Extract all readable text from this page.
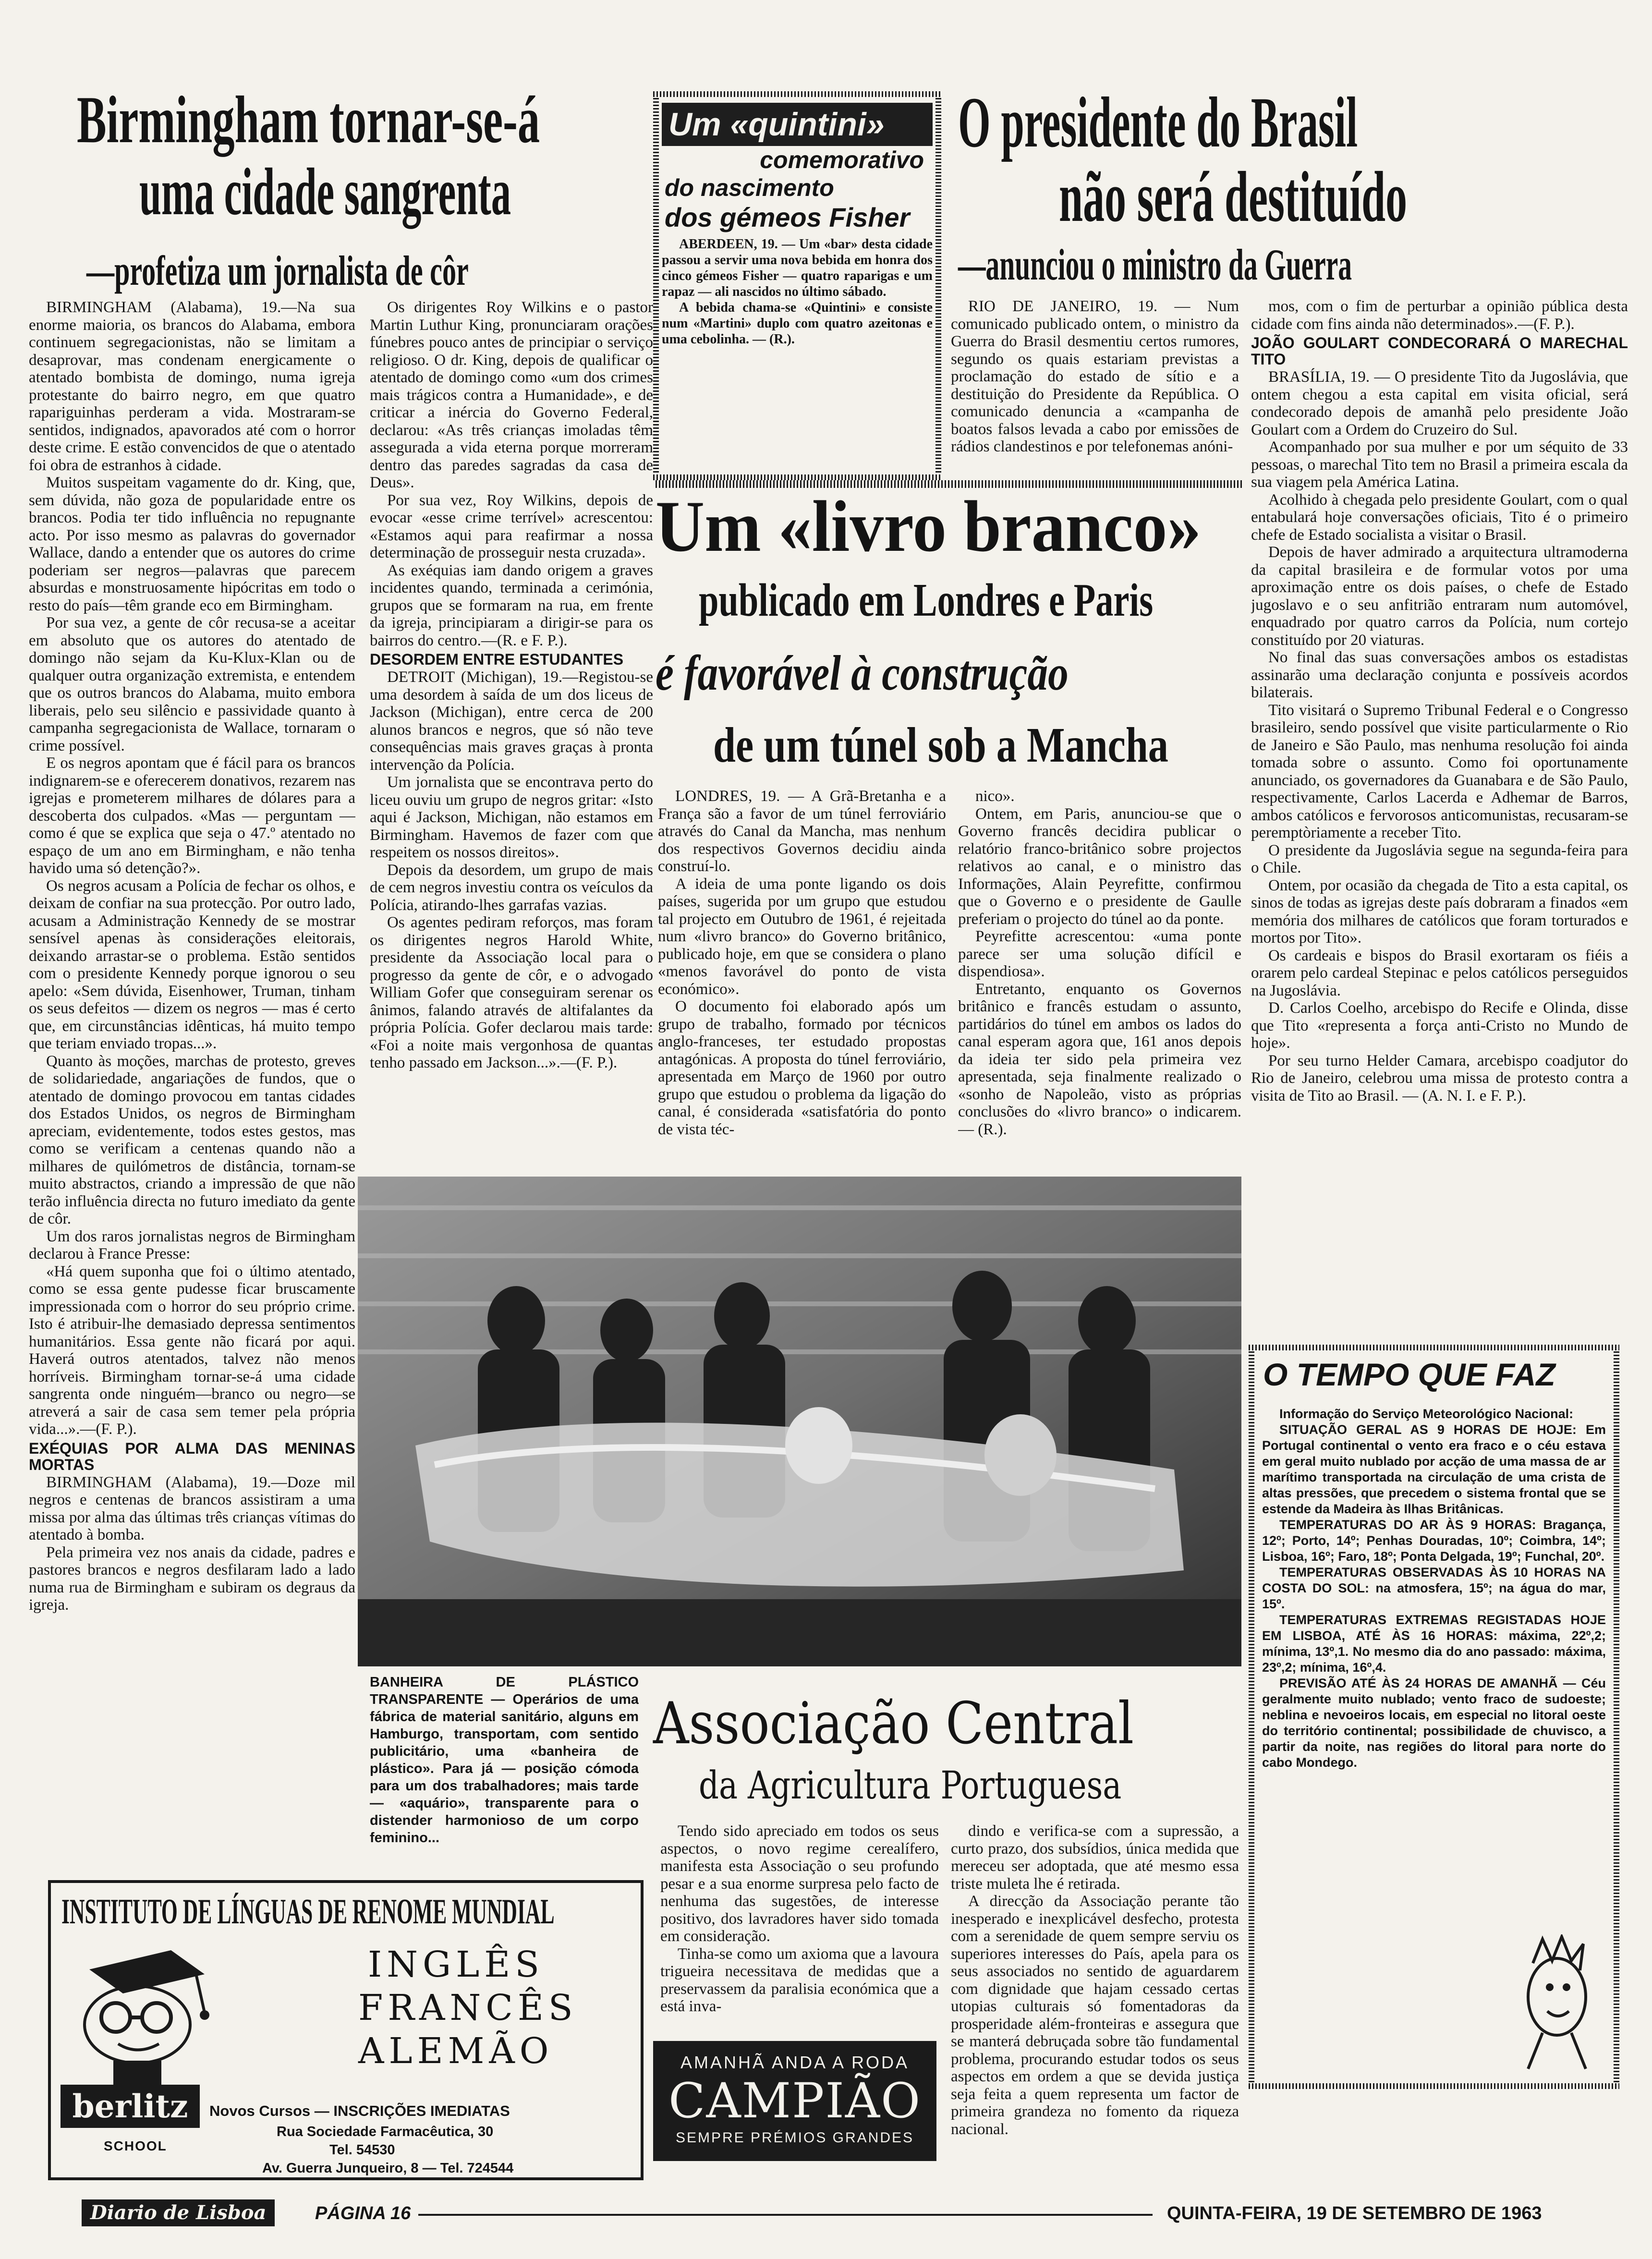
Birmingham tornar-se-á
uma cidade sangrenta
—profetiza um jornalista de côr

BIRMINGHAM (Alabama), 19.—Na sua enorme maioria, os brancos do Alabama, embora continuem segregacionistas, não se limitam a desaprovar, mas condenam energicamente o atentado bombista de domingo, numa igreja protestante do bairro negro, em que quatro rapariguinhas perderam a vida. Mostraram-se sentidos, indignados, apavorados até com o horror deste crime. E estão convencidos de que o atentado foi obra de estranhos à cidade.

Muitos suspeitam vagamente do dr. King, que, sem dúvida, não goza de popularidade entre os brancos. Podia ter tido influência no repugnante acto. Por isso mesmo as palavras do governador Wallace, dando a entender que os autores do crime poderiam ser negros—palavras que parecem absurdas e monstruosamente hipócritas em todo o resto do país—têm grande eco em Birmingham.

Por sua vez, a gente de côr recusa-se a aceitar em absoluto que os autores do atentado de domingo não sejam da Ku-Klux-Klan ou de qualquer outra organização extremista, e entendem que os outros brancos do Alabama, muito embora liberais, pelo seu silêncio e passividade quanto à campanha segregacionista de Wallace, tornaram o crime possível.

E os negros apontam que é fácil para os brancos indignarem-se e oferecerem donativos, rezarem nas igrejas e prometerem milhares de dólares para a descoberta dos culpados. «Mas — perguntam — como é que se explica que seja o 47.º atentado no espaço de um ano em Birmingham, e não tenha havido uma só detenção?».

Os negros acusam a Polícia de fechar os olhos, e deixam de confiar na sua protecção. Por outro lado, acusam a Administração Kennedy de se mostrar sensível apenas às considerações eleitorais, deixando arrastar-se o problema. Estão sentidos com o presidente Kennedy porque ignorou o seu apelo: «Sem dúvida, Eisenhower, Truman, tinham os seus defeitos — dizem os negros — mas é certo que, em circunstâncias idênticas, há muito tempo que teriam enviado tropas...».

Quanto às moções, marchas de protesto, greves de solidariedade, angariações de fundos, que o atentado de domingo provocou em tantas cidades dos Estados Unidos, os negros de Birmingham apreciam, evidentemente, todos estes gestos, mas como se verificam a centenas quando não a milhares de quilómetros de distância, tornam-se muito abstractos, criando a impressão de que não terão influência directa no futuro imediato da gente de côr.

Um dos raros jornalistas negros de Birmingham declarou à France Presse:

«Há quem suponha que foi o último atentado, como se essa gente pudesse ficar bruscamente impressionada com o horror do seu próprio crime. Isto é atribuir-lhe demasiado depressa sentimentos humanitários. Essa gente não ficará por aqui. Haverá outros atentados, talvez não menos horríveis. Birmingham tornar-se-á uma cidade sangrenta onde ninguém—branco ou negro—se atreverá a sair de casa sem temer pela própria vida...».—(F. P.).

EXÉQUIAS POR ALMA DAS MENINAS MORTAS

BIRMINGHAM (Alabama), 19.—Doze mil negros e centenas de brancos assistiram a uma missa por alma das últimas três crianças vítimas do atentado à bomba.

Pela primeira vez nos anais da cidade, padres e pastores brancos e negros desfilaram lado a lado numa rua de Birmingham e subiram os degraus da igreja.

Os dirigentes Roy Wilkins e o pastor Martin Luthur King, pronunciaram orações fúnebres pouco antes de principiar o serviço religioso. O dr. King, depois de qualificar o atentado de domingo como «um dos crimes mais trágicos contra a Humanidade», e de criticar a inércia do Governo Federal, declarou: «As três crianças imoladas têm assegurada a vida eterna porque morreram dentro das paredes sagradas da casa de Deus».

Por sua vez, Roy Wilkins, depois de evocar «esse crime terrível» acrescentou: «Estamos aqui para reafirmar a nossa determinação de prosseguir nesta cruzada».

As exéquias iam dando origem a graves incidentes quando, terminada a cerimónia, grupos que se formaram na rua, em frente da igreja, principiaram a dirigir-se para os bairros do centro.—(R. e F. P.).

DESORDEM ENTRE ESTUDANTES

DETROIT (Michigan), 19.—Registou-se uma desordem à saída de um dos liceus de Jackson (Michigan), entre cerca de 200 alunos brancos e negros, que só não teve consequências mais graves graças à pronta intervenção da Polícia.

Um jornalista que se encontrava perto do liceu ouviu um grupo de negros gritar: «Isto aqui é Jackson, Michigan, não estamos em Birmingham. Havemos de fazer com que respeitem os nossos direitos».

Depois da desordem, um grupo de mais de cem negros investiu contra os veículos da Polícia, atirando-lhes garrafas vazias.

Os agentes pediram reforços, mas foram os dirigentes negros Harold White, presidente da Associação local para o progresso da gente de côr, e o advogado William Gofer que conseguiram serenar os ânimos, falando através de altifalantes da própria Polícia. Gofer declarou mais tarde: «Foi a noite mais vergonhosa de quantas tenho passado em Jackson...».—(F. P.).

Um «quintini»
comemorativo
do nascimento
dos gémeos Fisher

ABERDEEN, 19. — Um «bar» desta cidade passou a servir uma nova bebida em honra dos cinco gémeos Fisher — quatro raparigas e um rapaz — ali nascidos no último sábado.

A bebida chama-se «Quintini» e consiste num «Martini» duplo com quatro azeitonas e uma cebolinha. — (R.).

O presidente do Brasil
não será destituído
—anunciou o ministro da Guerra

RIO DE JANEIRO, 19. — Num comunicado publicado ontem, o ministro da Guerra do Brasil desmentiu certos rumores, segundo os quais estariam previstas a proclamação do estado de sítio e a destituição do Presidente da República. O comunicado denuncia a «campanha de boatos falsos levada a cabo por emissões de rádios clandestinos e por telefonemas anóni-

mos, com o fim de perturbar a opinião pública desta cidade com fins ainda não determinados».—(F. P.).

JOÃO GOULART CONDECORARÁ O MARECHAL TITO

BRASÍLIA, 19. — O presidente Tito da Jugoslávia, que ontem chegou a esta capital em visita oficial, será condecorado depois de amanhã pelo presidente João Goulart com a Ordem do Cruzeiro do Sul.

Acompanhado por sua mulher e por um séquito de 33 pessoas, o marechal Tito tem no Brasil a primeira escala da sua viagem pela América Latina.

Acolhido à chegada pelo presidente Goulart, com o qual entabulará hoje conversações oficiais, Tito é o primeiro chefe de Estado socialista a visitar o Brasil.

Depois de haver admirado a arquitectura ultramoderna da capital brasileira e de formular votos por uma aproximação entre os dois países, o chefe de Estado jugoslavo e o seu anfitrião entraram num automóvel, enquadrado por quatro carros da Polícia, num cortejo constituído por 20 viaturas.

No final das suas conversações ambos os estadistas assinarão uma declaração conjunta e possíveis acordos bilaterais.

Tito visitará o Supremo Tribunal Federal e o Congresso brasileiro, sendo possível que visite particularmente o Rio de Janeiro e São Paulo, mas nenhuma resolução foi ainda tomada sobre o assunto. Como foi oportunamente anunciado, os governadores da Guanabara e de São Paulo, respectivamente, Carlos Lacerda e Adhemar de Barros, ambos católicos e fervorosos anticomunistas, recusaram-se peremptòriamente a receber Tito.

O presidente da Jugoslávia segue na segunda-feira para o Chile.

Ontem, por ocasião da chegada de Tito a esta capital, os sinos de todas as igrejas deste país dobraram a finados «em memória dos milhares de católicos que foram torturados e mortos por Tito».

Os cardeais e bispos do Brasil exortaram os fiéis a orarem pelo cardeal Stepinac e pelos católicos perseguidos na Jugoslávia.

D. Carlos Coelho, arcebispo do Recife e Olinda, disse que Tito «representa a força anti-Cristo no Mundo de hoje».

Por seu turno Helder Camara, arcebispo coadjutor do Rio de Janeiro, celebrou uma missa de protesto contra a visita de Tito ao Brasil. — (A. N. I. e F. P.).

Um «livro branco»
publicado em Londres e Paris
é favorável à construção
de um túnel sob a Mancha

LONDRES, 19. — A Grã-Bretanha e a França são a favor de um túnel ferroviário através do Canal da Mancha, mas nenhum dos respectivos Governos decidiu ainda construí-lo.

A ideia de uma ponte ligando os dois países, sugerida por um grupo que estudou tal projecto em Outubro de 1961, é rejeitada num «livro branco» do Governo britânico, publicado hoje, em que se considera o plano «menos favorável do ponto de vista económico».

O documento foi elaborado após um grupo de trabalho, formado por técnicos anglo-franceses, ter estudado propostas antagónicas. A proposta do túnel ferroviário, apresentada em Março de 1960 por outro grupo que estudou o problema da ligação do canal, é considerada «satisfatória do ponto de vista téc-

nico».

Ontem, em Paris, anunciou-se que o Governo francês decidira publicar o relatório franco-britânico sobre projectos relativos ao canal, e o ministro das Informações, Alain Peyrefitte, confirmou que o Governo e o presidente de Gaulle preferiam o projecto do túnel ao da ponte.

Peyrefitte acrescentou: «uma ponte parece ser uma solução difícil e dispendiosa».

Entretanto, enquanto os Governos britânico e francês estudam o assunto, partidários do túnel em ambos os lados do canal esperam agora que, 161 anos depois da ideia ter sido pela primeira vez apresentada, seja finalmente realizado o «sonho de Napoleão, visto as próprias conclusões do «livro branco» o indicarem. — (R.).

BANHEIRA DE PLÁSTICO TRANSPARENTE — Operários de uma fábrica de material sanitário, alguns em Hamburgo, transportam, com sentido publicitário, uma «banheira de plástico». Para já — posição cómoda para um dos trabalhadores; mais tarde — «aquário», transparente para o distender harmonioso de um corpo feminino...

O TEMPO QUE FAZ

Informação do Serviço Meteorológico Nacional:

SITUAÇÃO GERAL AS 9 HORAS DE HOJE: Em Portugal continental o vento era fraco e o céu estava em geral muito nublado por acção de uma massa de ar marítimo transportada na circulação de uma crista de altas pressões, que precedem o sistema frontal que se estende da Madeira às Ilhas Britânicas.

TEMPERATURAS DO AR ÀS 9 HORAS: Bragança, 12º; Porto, 14º; Penhas Douradas, 10º; Coimbra, 14º; Lisboa, 16º; Faro, 18º; Ponta Delgada, 19º; Funchal, 20º.

TEMPERATURAS OBSERVADAS ÀS 10 HORAS NA COSTA DO SOL: na atmosfera, 15º; na água do mar, 15º.

TEMPERATURAS EXTREMAS REGISTADAS HOJE EM LISBOA, ATÉ ÀS 16 HORAS: máxima, 22º,2; mínima, 13º,1. No mesmo dia do ano passado: máxima, 23º,2; mínima, 16º,4.

PREVISÃO ATÉ ÀS 24 HORAS DE AMANHÃ — Céu geralmente muito nublado; vento fraco de sudoeste; neblina e nevoeiros locais, em especial no litoral oeste do território continental; possibilidade de chuvisco, a partir da noite, nas regiões do litoral para norte do cabo Mondego.

Associação Central
da Agricultura Portuguesa

Tendo sido apreciado em todos os seus aspectos, o novo regime cerealífero, manifesta esta Associação o seu profundo pesar e a sua enorme surpresa pelo facto de nenhuma das sugestões, de interesse positivo, dos lavradores haver sido tomada em consideração.

Tinha-se como um axioma que a lavoura trigueira necessitava de medidas que a preservassem da paralisia económica que a está inva-

dindo e verifica-se com a supressão, a curto prazo, dos subsídios, única medida que mereceu ser adoptada, que até mesmo essa triste muleta lhe é retirada.

A direcção da Associação perante tão inesperado e inexplicável desfecho, protesta com a serenidade de quem sempre serviu os superiores interesses do País, apela para os seus associados no sentido de aguardarem com dignidade que hajam cessado certas utopias culturais só fomentadoras da prosperidade além-fronteiras e assegura que se manterá debruçada sobre tão fundamental problema, procurando estudar todos os seus aspectos em ordem a que se devida justiça seja feita a quem representa um factor de primeira grandeza no fomento da riqueza nacional.

AMANHÃ ANDA A RODA
CAMPIÃO
SEMPRE PRÉMIOS GRANDES
INSTITUTO DE LÍNGUAS DE RENOME MUNDIAL
INGLÊS
FRANCÊS
ALEMÃO
berlitz
SCHOOL
Novos Cursos — INSCRIÇÕES IMEDIATAS
Rua Sociedade Farmacêutica, 30
Tel. 54530
Av. Guerra Junqueiro, 8 — Tel. 724544
Diario de Lisboa	PÁGINA 16	QUINTA-FEIRA, 19 DE SETEMBRO DE 1963
